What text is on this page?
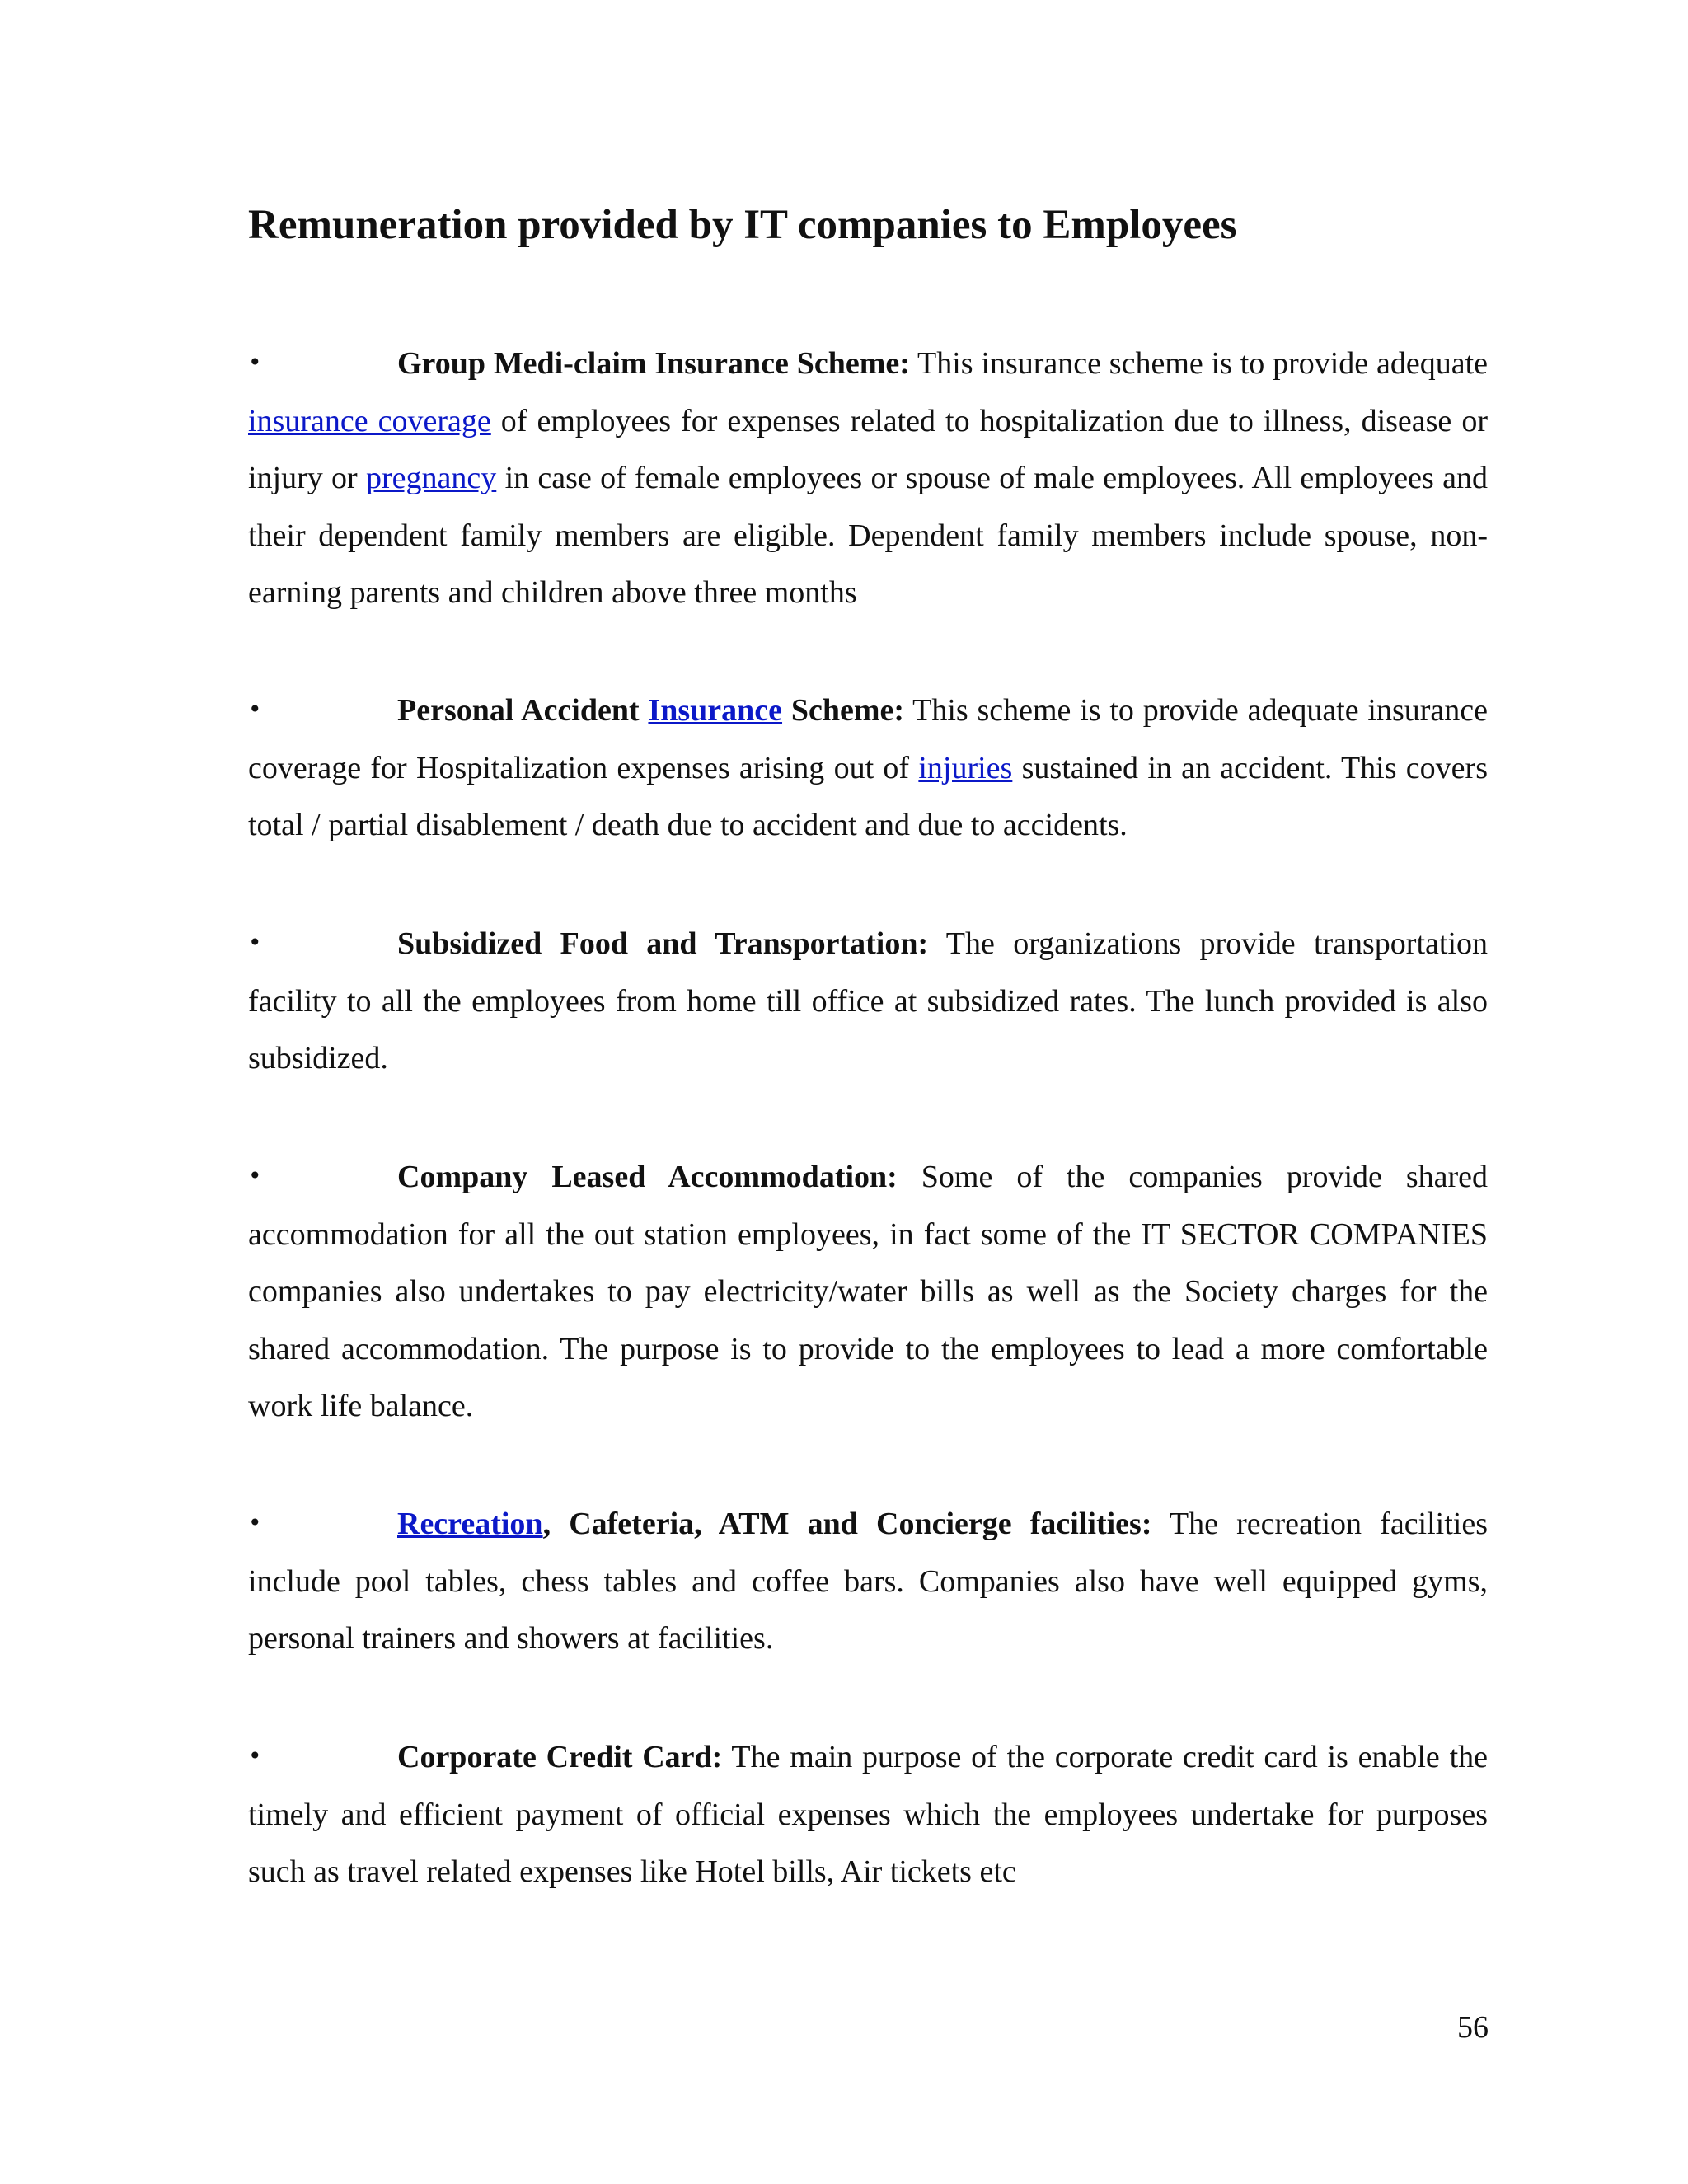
Remuneration provided by IT companies to Employees

•	Group Medi-claim Insurance Scheme: This insurance scheme is to provide adequate insurance coverage of employees for expenses related to hospitalization due to illness, disease or injury or pregnancy in case of female employees or spouse of male employees. All employees and their dependent family members are eligible. Dependent family members include spouse, non-earning parents and children above three months

•	Personal Accident Insurance Scheme: This scheme is to provide adequate insurance coverage for Hospitalization expenses arising out of injuries sustained in an accident. This covers total / partial disablement / death due to accident and due to accidents.

•	Subsidized Food and Transportation: The organizations provide transportation facility to all the employees from home till office at subsidized rates. The lunch provided is also subsidized.

•	Company Leased Accommodation: Some of the companies provide shared accommodation for all the out station employees, in fact some of the IT SECTOR COMPANIES companies also undertakes to pay electricity/water bills as well as the Society charges for the shared accommodation. The purpose is to provide to the employees to lead a more comfortable work life balance.

•	Recreation, Cafeteria, ATM and Concierge facilities: The recreation facilities include pool tables, chess tables and coffee bars. Companies also have well equipped gyms, personal trainers and showers at facilities.

•	Corporate Credit Card: The main purpose of the corporate credit card is enable the timely and efficient payment of official expenses which the employees undertake for purposes such as travel related expenses like Hotel bills, Air tickets etc

56
